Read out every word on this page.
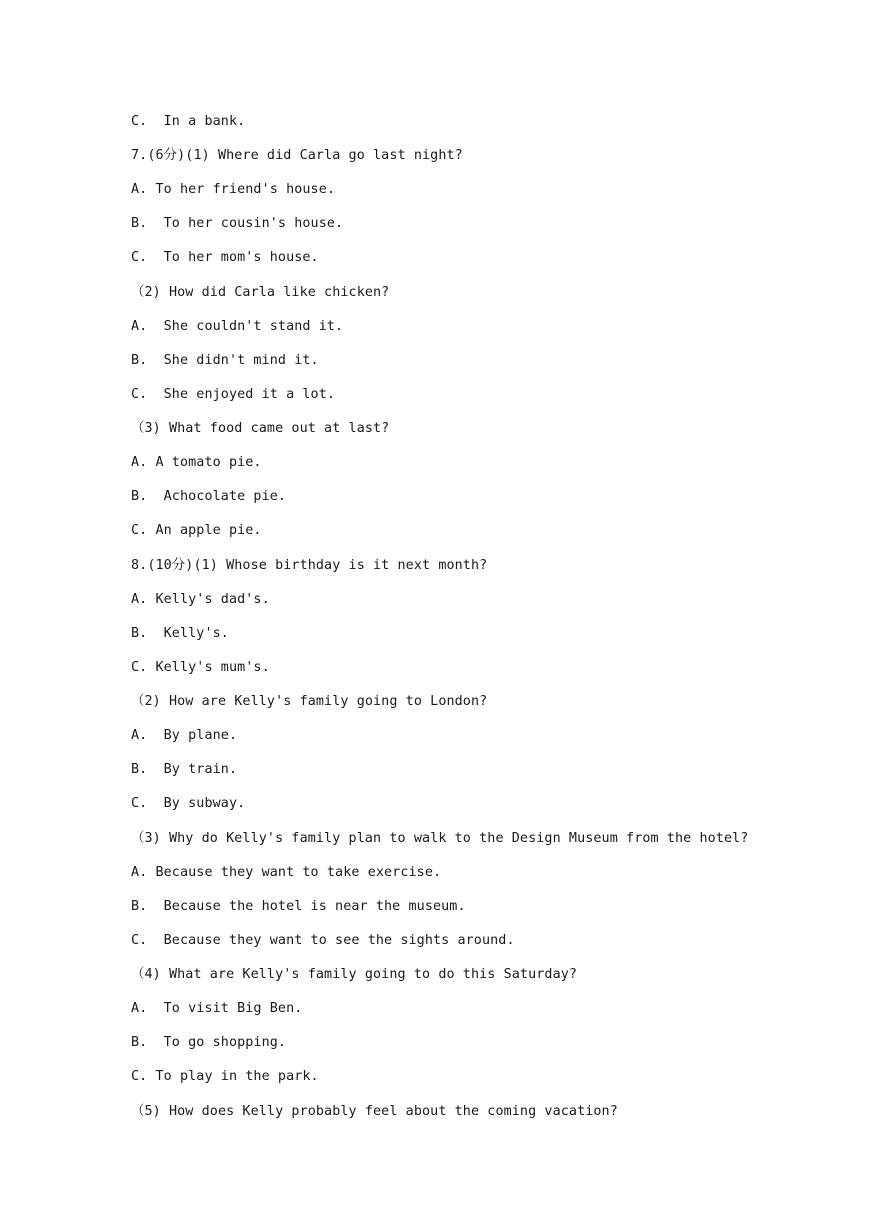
C.  In a bank.
7.(6分)(1) Where did Carla go last night?
A. To her friend's house.
B.  To her cousin's house.
C.  To her mom's house.
（2) How did Carla like chicken?
A.  She couldn't stand it.
B.  She didn't mind it.
C.  She enjoyed it a lot.
（3) What food came out at last?
A. A tomato pie.
B.  Achocolate pie.
C. An apple pie.
8.(10分)(1) Whose birthday is it next month?
A. Kelly's dad's.
B.  Kelly's.
C. Kelly's mum's.
（2) How are Kelly's family going to London?
A.  By plane.
B.  By train.
C.  By subway.
（3) Why do Kelly's family plan to walk to the Design Museum from the hotel?
A. Because they want to take exercise.
B.  Because the hotel is near the museum.
C.  Because they want to see the sights around.
（4) What are Kelly's family going to do this Saturday?
A.  To visit Big Ben.
B.  To go shopping.
C. To play in the park.
（5) How does Kelly probably feel about the coming vacation?
